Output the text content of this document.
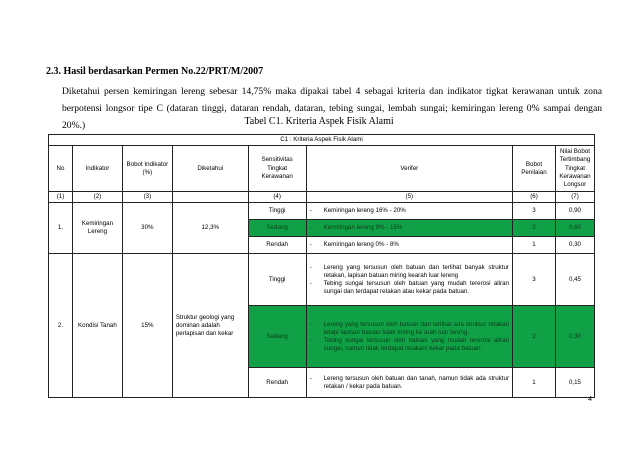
2.3. Hasil berdasarkan Permen No.22/PRT/M/2007
Diketahui persen kemiringan lereng sebesar 14,75% maka dipakai tabel 4 sebagai kriteria dan indikator tigkat kerawanan untuk zona berpotensi longsor tipe C (dataran tinggi, dataran rendah, dataran, tebing sungai, lembah sungai; kemiringan lereng 0% sampai dengan 20%.)	Tabel C1. Kriteria Aspek Fisik Alami
C1 : Kriteria Aspek Fisik Alami							
No	Indikator	Bobot Indikator (%)	Diketahui	Sensitivitas Tingkat Kerawanan	Verifer	Bobot Penilaian	Nilai Bobot Tertimbang Tingkat Kerawanan Longsor
(1)	(2)	(3)		(4)	(5)	(6)	(7)
1.	Kemiringan Lereng	30%	12,3%	Tinggi	- Kemiringan lereng 16% - 20%	3	0,90
				Sedang	- Kemiringan lereng 9% - 15%	2	0,60
				Rendah	- Kemiringan lereng 0% - 8%	1	0,30
2.	Kondisi Tanah	15%	Struktur geologi yang dominan adalah perlapisan dan kekar	Tinggi	- Lereng yang tersusun oleh batuan dan terlihat banyak struktur retakan, lapisan batuan miring kearah luar lereng
- Tebing sungai tersusun oleh batuan yang mudah tererosi aliran sungai dan terdapat retakan atau kekar pada batuan.	3	0,45
				Sedang	- Lereng yang tersusun oleh batuan dan terlihat ada struktur retakan tetapi lapisan batuan tidak miring ke arah luar lereng.
- Tebing sungai tersusun oleh batuan yang mudah tererosi aliran sungai, namun tidak terdapat retakan/ kekar pada batuan.	2	0,30
				Rendah	- Lereng tersusun oleh batuan dan tanah, namun tidak ada struktur retakan / kekar pada batuan.	1	0,15
4
